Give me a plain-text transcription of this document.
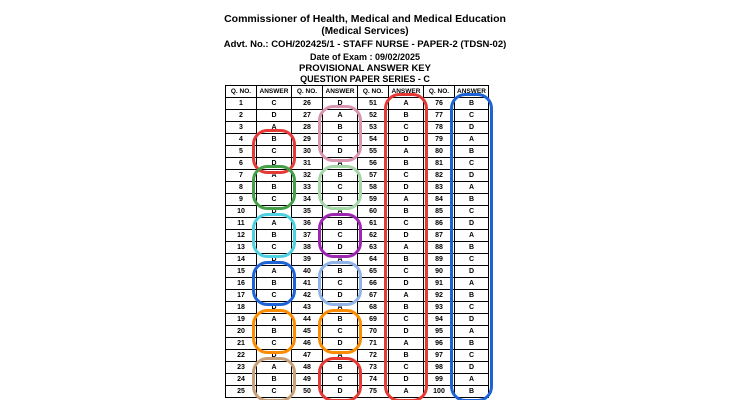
Commissioner of Health, Medical and Medical Education
(Medical Services)
Advt. No.: COH/202425/1 - STAFF NURSE - PAPER-2 (TDSN-02)
Date of Exam : 09/02/2025
PROVISIONAL ANSWER KEY
QUESTION PAPER SERIES - C
Q. NO.	ANSWER	Q. NO.	ANSWER	Q. NO.	ANSWER	Q. NO.	ANSWER
1	C	26	D	51	A	76	B
2	D	27	A	52	B	77	C
3	A	28	B	53	C	78	D
4	B	29	C	54	D	79	A
5	C	30	D	55	A	80	B
6	D	31	A	56	B	81	C
7	A	32	B	57	C	82	D
8	B	33	C	58	D	83	A
9	C	34	D	59	A	84	B
10	D	35	A	60	B	85	C
11	A	36	B	61	C	86	D
12	B	37	C	62	D	87	A
13	C	38	D	63	A	88	B
14	D	39	A	64	B	89	C
15	A	40	B	65	C	90	D
16	B	41	C	66	D	91	A
17	C	42	D	67	A	92	B
18	D	43	A	68	B	93	C
19	A	44	B	69	C	94	D
20	B	45	C	70	D	95	A
21	C	46	D	71	A	96	B
22	D	47	A	72	B	97	C
23	A	48	B	73	C	98	D
24	B	49	C	74	D	99	A
25	C	50	D	75	A	100	B
